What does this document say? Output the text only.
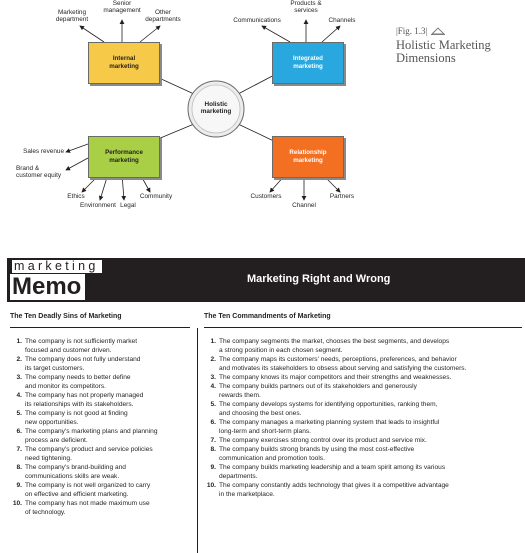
Holistic
marketing
Internal
marketing
Integrated
marketing
Performance
marketing
Relationship
marketing
Marketing
department
Senior
management	Other
departments	Communications
Products &
services
Channels
Sales revenue
Brand &
customer equity
Ethics
Environment Legal
Community	Customers
Channel
Partners
|Fig. 1.3|
Holistic Marketing
Dimensions
marketing
Memo	Marketing Right and Wrong
The Ten Deadly Sins of Marketing	The Ten Commandments of Marketing
1. The company is not sufficiently market
focused and customer driven.
2. The company does not fully understand
its target customers.
3. The company needs to better define
and monitor its competitors.
4. The company has not properly managed
its relationships with its stakeholders.
5. The company is not good at finding
new opportunities.
6. The company's marketing plans and planning
process are deficient.
7. The company's product and service policies
need tightening.
8. The company's brand-building and
communications skills are weak.
9. The company is not well organized to carry
on effective and efficient marketing.
10. The company has not made maximum use
of technology.
1. The company segments the market, chooses the best segments, and develops
a strong position in each chosen segment.
2. The company maps its customers' needs, perceptions, preferences, and behavior
and motivates its stakeholders to obsess about serving and satisfying the customers.
3. The company knows its major competitors and their strengths and weaknesses.
4. The company builds partners out of its stakeholders and generously
rewards them.
5. The company develops systems for identifying opportunities, ranking them,
and choosing the best ones.
6. The company manages a marketing planning system that leads to insightful
long-term and short-term plans.
7. The company exercises strong control over its product and service mix.
8. The company builds strong brands by using the most cost-effective
communication and promotion tools.
9. The company builds marketing leadership and a team spirit among its various
departments.
10. The company constantly adds technology that gives it a competitive advantage
in the marketplace.
